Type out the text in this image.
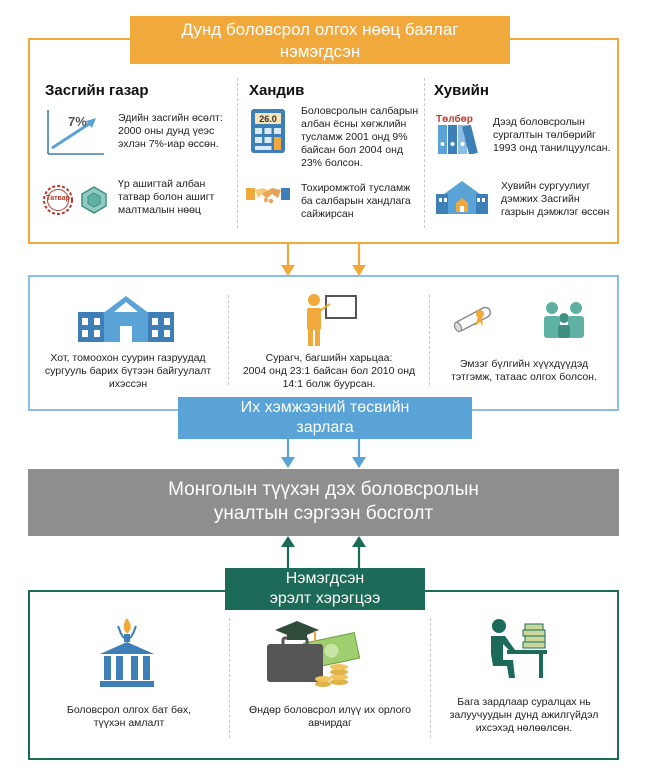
Дунд боловсрол олгох нөөц баялаг
нэмэгдсэн
Засгийн газар
7%	Эдийн засгийн өсөлт:
2000 оны дунд үеэс
эхлэн 7%-иар өссөн.
Татвар
Үр ашигтай албан
татвар болон ашигт
малтмалын нөөц
Хандив
26.0
Боловсролын салбарын
албан ёсны хөгжлийн
тусламж 2001 онд 9%
байсан бол 2004 онд
23% болсон.
Тохиромжтой тусламж
ба салбарын хандлага
сайжирсан
Хувийн
Төлбөр Дээд боловсролын
сургалтын төлбөрийг
1993 онд танилцуулсан.
Хувийн сургуулиуг
дэмжих Засгийн
газрын дэмжлэг өссөн
Хот, томоохон суурин газруудад
сургууль барих бүтээн байгуулалт
ихэссэн
Сурагч, багшийн харьцаа:
2004 онд 23:1 байсан бол 2010 онд
14:1 болж буурсан.
Эмзэг бүлгийн хүүхдүүдэд
тэтгэмж, татаас олгох болсон.
Их хэмжээний төсвийн
зарлага
Монголын түүхэн дэх боловсролын
уналтын сэргээн босголт
Нэмэгдсэн
эрэлт хэрэгцээ
Боловсрол олгох бат бөх,
түүхэн амлалт
Өндөр боловсрол илүү их орлого
авчирдаг
Бага зардлаар суралцах нь
залуучуудын дунд ажилгүйдэл
ихсэхэд нөлөөлсөн.
